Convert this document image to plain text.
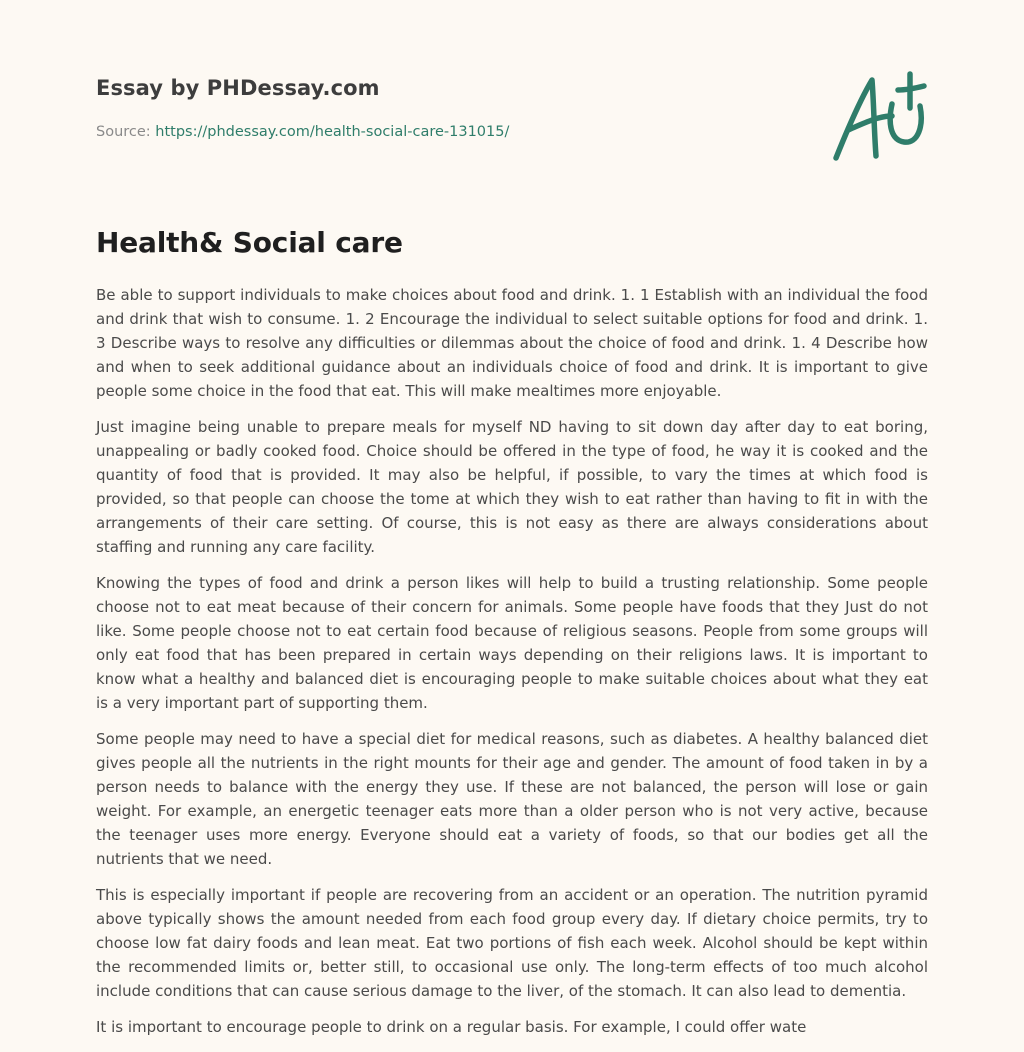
Essay by PHDessay.com
Source: https://phdessay.com/health-social-care-131015/
Health& Social care

Be able to support individuals to make choices about food and drink. 1. 1 Establish with an individual the food and drink that wish to consume. 1. 2 Encourage the individual to select suitable options for food and drink. 1. 3 Describe ways to resolve any difficulties or dilemmas about the choice of food and drink. 1. 4 Describe how and when to seek additional guidance about an individuals choice of food and drink. It is important to give people some choice in the food that eat. This will make mealtimes more enjoyable.

Just imagine being unable to prepare meals for myself ND having to sit down day after day to eat boring, unappealing or badly cooked food. Choice should be offered in the type of food, he way it is cooked and the quantity of food that is provided. It may also be helpful, if possible, to vary the times at which food is provided, so that people can choose the tome at which they wish to eat rather than having to fit in with the arrangements of their care setting. Of course, this is not easy as there are always considerations about staffing and running any care facility.

Knowing the types of food and drink a person likes will help to build a trusting relationship. Some people choose not to eat meat because of their concern for animals. Some people have foods that they Just do not like. Some people choose not to eat certain food because of religious seasons. People from some groups will only eat food that has been prepared in certain ways depending on their religions laws. It is important to know what a healthy and balanced diet is encouraging people to make suitable choices about what they eat is a very important part of supporting them.

Some people may need to have a special diet for medical reasons, such as diabetes. A healthy balanced diet gives people all the nutrients in the right mounts for their age and gender. The amount of food taken in by a person needs to balance with the energy they use. If these are not balanced, the person will lose or gain weight. For example, an energetic teenager eats more than a older person who is not very active, because the teenager uses more energy. Everyone should eat a variety of foods, so that our bodies get all the nutrients that we need.

This is especially important if people are recovering from an accident or an operation. The nutrition pyramid above typically shows the amount needed from each food group every day. If dietary choice permits, try to choose low fat dairy foods and lean meat. Eat two portions of fish each week. Alcohol should be kept within the recommended limits or, better still, to occasional use only. The long-term effects of too much alcohol include conditions that can cause serious damage to the liver, of the stomach. It can also lead to dementia.

It is important to encourage people to drink on a regular basis. For example, I could offer wate
